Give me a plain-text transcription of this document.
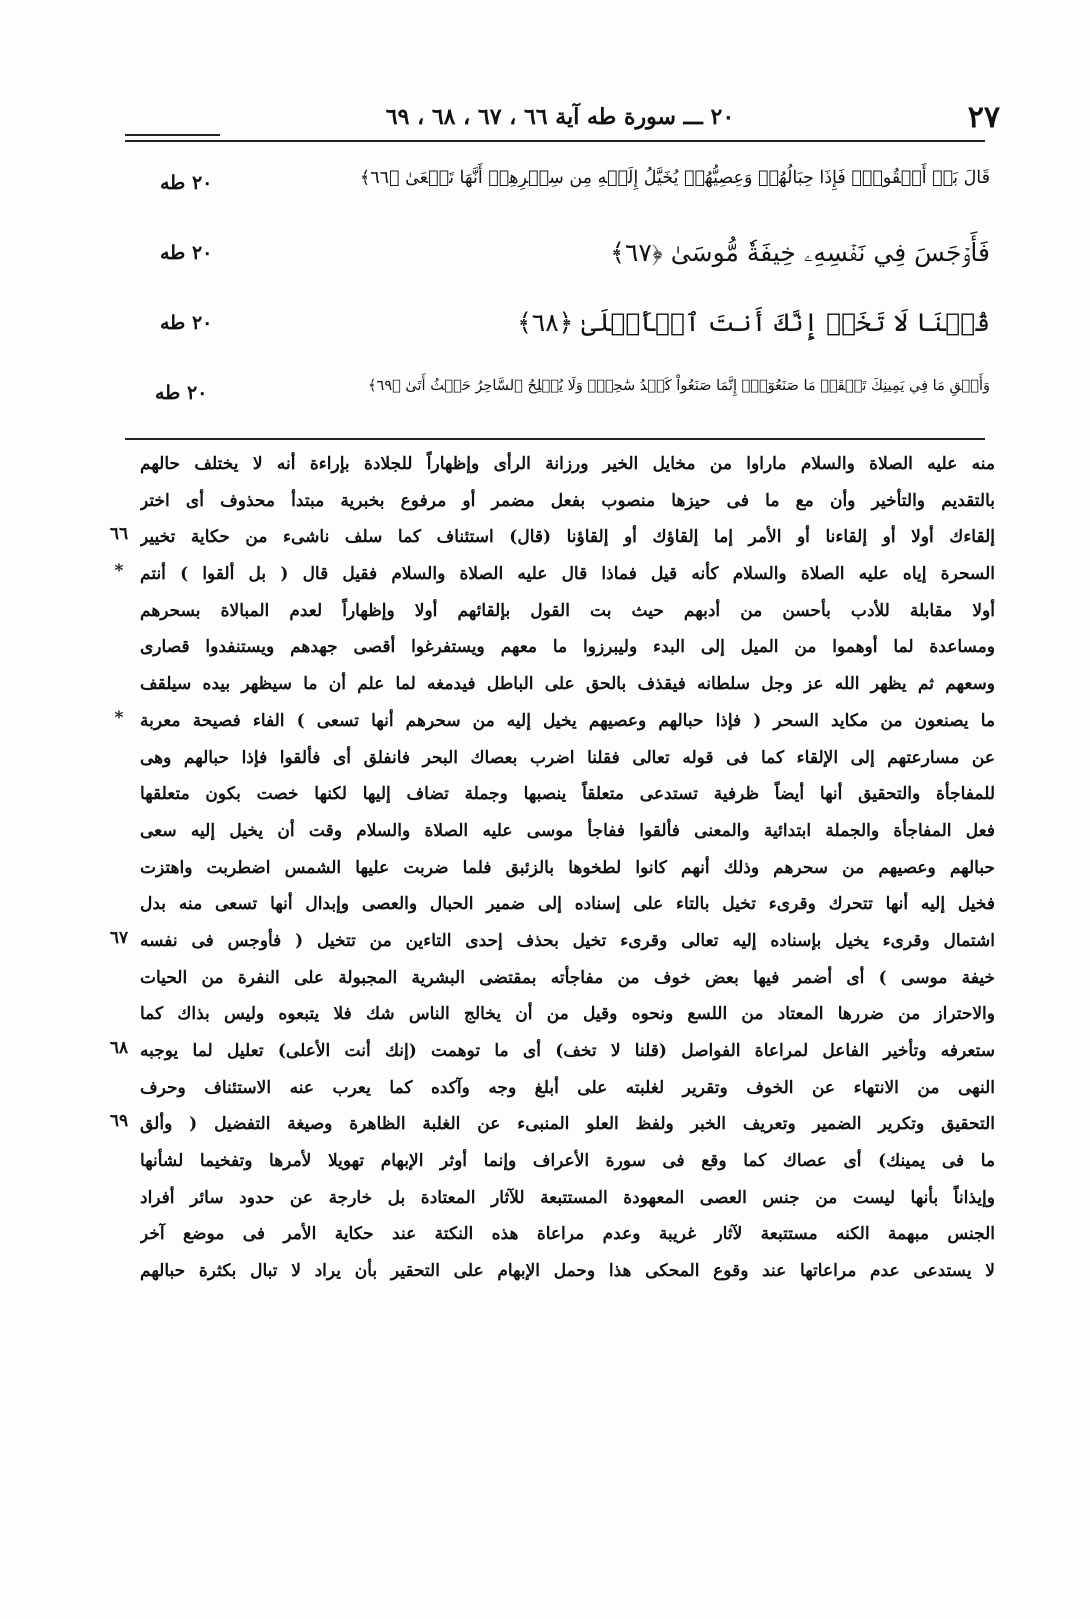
٢٧
٢٠ ـــ سورة طه آية ٦٦ ، ٦٧ ، ٦٨ ، ٦٩
قَالَ بَلۡ أَلۡقُواْۖ فَإِذَا حِبَالُهُمۡ وَعِصِيُّهُمۡ يُخَيَّلُ إِلَيۡهِ مِن سِحۡرِهِمۡ أَنَّهَا تَسۡعَىٰ ﴿٦٦﴾
٢٠ طه
فَأَوۡجَسَ فِي نَفۡسِهِۦ خِيفَةٗ مُّوسَىٰ ﴿٦٧﴾
٢٠ طه
قُلۡنَا لَا تَخَفۡ إِنَّكَ أَنتَ ٱلۡأَعۡلَىٰ ﴿٦٨﴾
٢٠ طه
وَأَلۡقِ مَا فِي يَمِينِكَ تَلۡقَفۡ مَا صَنَعُوٓاْۖ إِنَّمَا صَنَعُواْ كَيۡدُ سَٰحِرٖۖ وَلَا يُفۡلِحُ ٱلسَّاحِرُ حَيۡثُ أَتَىٰ ﴿٦٩﴾
٢٠ طه
منه عليه الصلاة والسلام ماراوا من مخايل الخير ورزانة الرأى وإظهاراً للجلادة بإراءة أنه لا يختلف حالهم
بالتقديم والتأخير وأن مع ما فى حيزها منصوب بفعل مضمر أو مرفوع بخبرية مبتدأ محذوف أى اختر
إلقاءك أولا أو إلقاءنا أو الأمر إما إلقاؤك أو إلقاؤنا (قال) استئناف كما سلف ناشىء من حكاية تخيير
٦٦
السحرة إياه عليه الصلاة والسلام كأنه قيل فماذا قال عليه الصلاة والسلام فقيل قال ( بل ألقوا ) أنتم
*
أولا مقابلة للأدب بأحسن من أدبهم حيث بت القول بإلقائهم أولا وإظهاراً لعدم المبالاة بسحرهم
ومساعدة لما أوهموا من الميل إلى البدء وليبرزوا ما معهم ويستفرغوا أقصى جهدهم ويستنفدوا قصارى
وسعهم ثم يظهر الله عز وجل سلطانه فيقذف بالحق على الباطل فيدمغه لما علم أن ما سيظهر بيده سيلقف
ما يصنعون من مكايد السحر ( فإذا حبالهم وعصيهم يخيل إليه من سحرهم أنها تسعى ) الفاء فصيحة معربة
*
عن مسارعتهم إلى الإلقاء كما فى قوله تعالى فقلنا اضرب بعصاك البحر فانفلق أى فألقوا فإذا حبالهم وهى
للمفاجأة والتحقيق أنها أيضاً ظرفية تستدعى متعلقاً ينصبها وجملة تضاف إليها لكنها خصت بكون متعلقها
فعل المفاجأة والجملة ابتدائية والمعنى فألقوا ففاجأ موسى عليه الصلاة والسلام وقت أن يخيل إليه سعى
حبالهم وعصيهم من سحرهم وذلك أنهم كانوا لطخوها بالزئبق فلما ضربت عليها الشمس اضطربت واهتزت
فخيل إليه أنها تتحرك وقرىء تخيل بالتاء على إسناده إلى ضمير الحبال والعصى وإبدال أنها تسعى منه بدل
اشتمال وقرىء يخيل بإسناده إليه تعالى وقرىء تخيل بحذف إحدى التاءين من تتخيل ( فأوجس فى نفسه
٦٧
خيفة موسى ) أى أضمر فيها بعض خوف من مفاجأته بمقتضى البشرية المجبولة على النفرة من الحيات
والاحتراز من ضررها المعتاد من اللسع ونحوه وقيل من أن يخالج الناس شك فلا يتبعوه وليس بذاك كما
ستعرفه وتأخير الفاعل لمراعاة الفواصل (قلنا لا تخف) أى ما توهمت (إنك أنت الأعلى) تعليل لما يوجبه
٦٨
النهى من الانتهاء عن الخوف وتقرير لغلبته على أبلغ وجه وآكده كما يعرب عنه الاستئناف وحرف
التحقيق وتكرير الضمير وتعريف الخبر ولفظ العلو المنبىء عن الغلبة الظاهرة وصيغة التفضيل ( وألق
٦٩
ما فى يمينك) أى عصاك كما وقع فى سورة الأعراف وإنما أوثر الإبهام تهويلا لأمرها وتفخيما لشأنها
وإيذاناً بأنها ليست من جنس العصى المعهودة المستتبعة للآثار المعتادة بل خارجة عن حدود سائر أفراد
الجنس مبهمة الكنه مستتبعة لآثار غريبة وعدم مراعاة هذه النكتة عند حكاية الأمر فى موضع آخر
لا يستدعى عدم مراعاتها عند وقوع المحكى هذا وحمل الإبهام على التحقير بأن يراد لا تبال بكثرة حبالهم
